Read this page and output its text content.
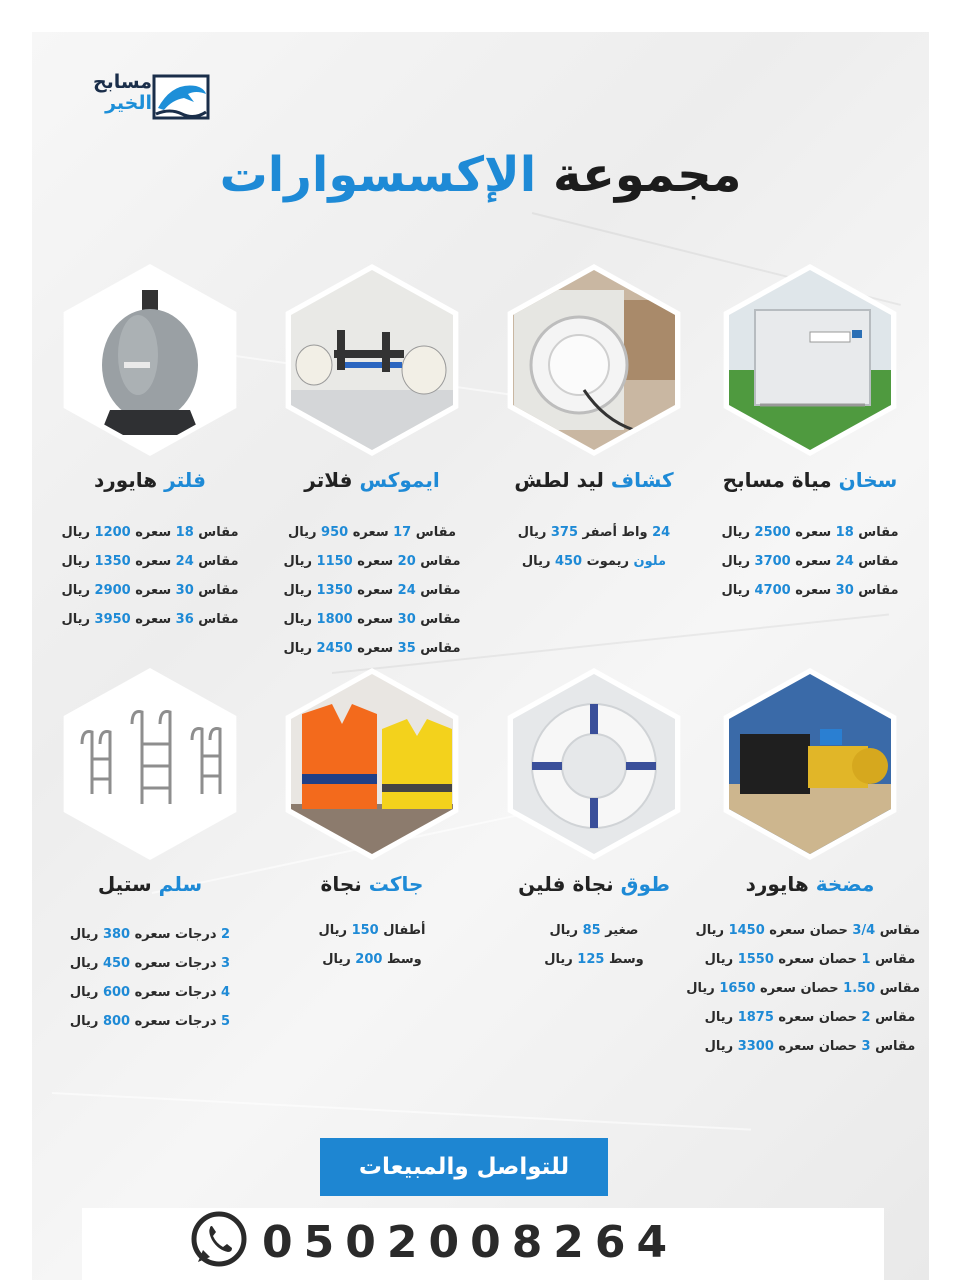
مسابح
الخير
مجموعة الإكسسوارات
سخان مياة مسابح
مقاس 18 سعره 2500 ريال
مقاس 24 سعره 3700 ريال
مقاس 30 سعره 4700 ريال
كشاف ليد لطش
24 واط أصفر 375 ريال
ملون ريموت 450 ريال
ايموكس فلاتر
مقاس 17 سعره 950 ريال
مقاس 20 سعره 1150 ريال
مقاس 24 سعره 1350 ريال
مقاس 30 سعره 1800 ريال
مقاس 35 سعره 2450 ريال
فلتر هايورد
مقاس 18 سعره 1200 ريال
مقاس 24 سعره 1350 ريال
مقاس 30 سعره 2900 ريال
مقاس 36 سعره 3950 ريال
مضخة هايورد
مقاس 3/4 حصان سعره 1450 ريال
مقاس 1 حصان سعره 1550 ريال
مقاس 1.50 حصان سعره 1650 ريال
مقاس 2 حصان سعره 1875 ريال
مقاس 3 حصان سعره 3300 ريال
طوق نجاة فلين
صغير 85 ريال
وسط 125 ريال
جاكت نجاة
أطفال 150 ريال
وسط 200 ريال
سلم ستيل
2 درجات سعره 380 ريال
3 درجات سعره 450 ريال
4 درجات سعره 600 ريال
5 درجات سعره 800 ريال
للتواصل والمبيعات
0502008264
